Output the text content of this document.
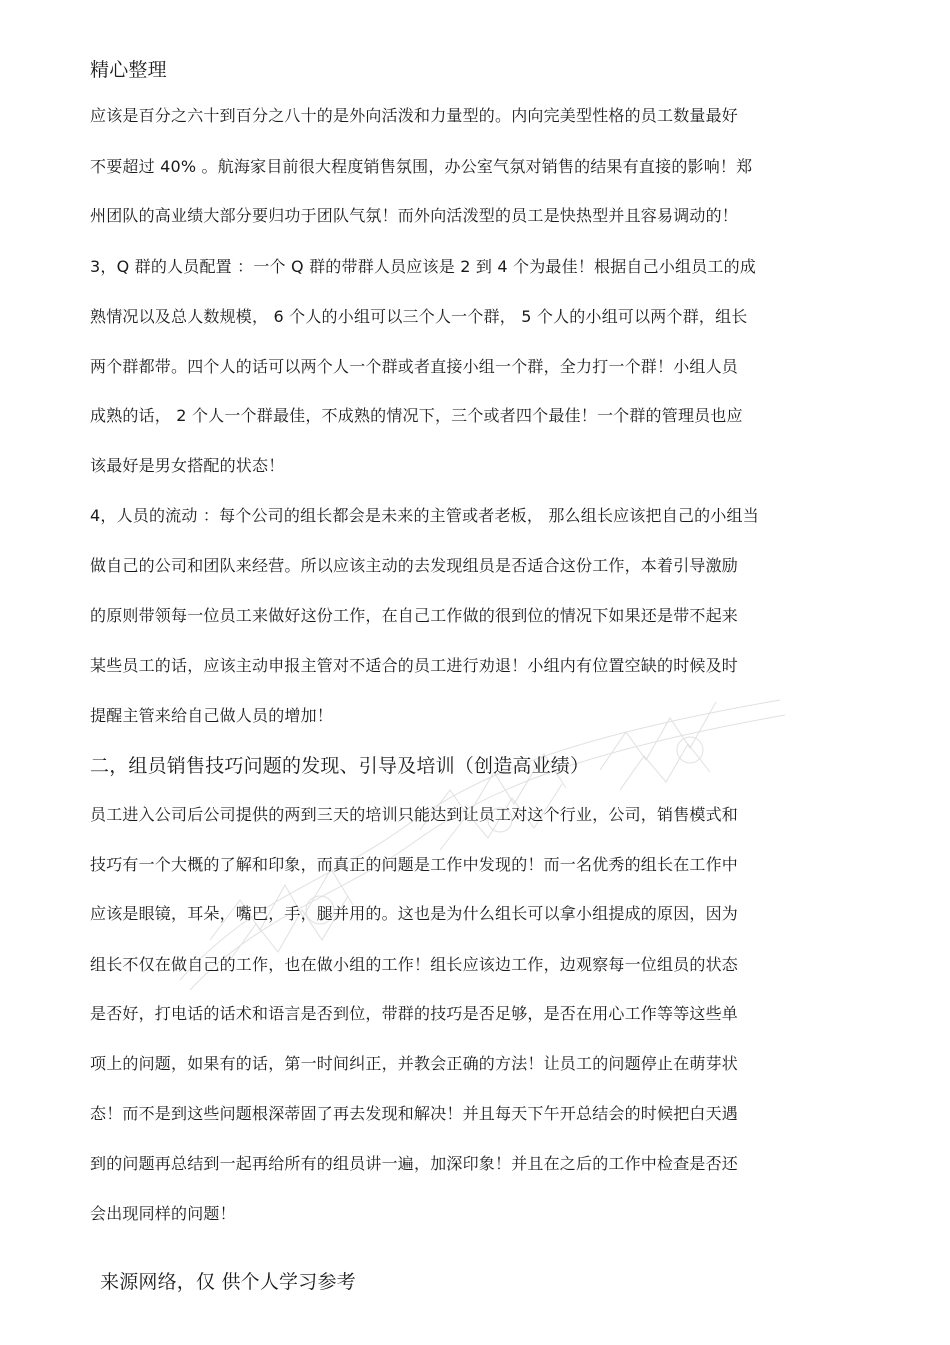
精心整理
应该是百分之六十到百分之八十的是外向活泼和力量型的。内向完美型性格的员工数量最好
不要超过 40% 。航海家目前很大程度销售氛围，办公室气氛对销售的结果有直接的影响！郑
州团队的高业绩大部分要归功于团队气氛！而外向活泼型的员工是快热型并且容易调动的！
3，Q 群的人员配置 ：一个 Q 群的带群人员应该是 2 到 4 个为最佳！根据自己小组员工的成
熟情况以及总人数规模， 6 个人的小组可以三个人一个群， 5 个人的小组可以两个群，组长
两个群都带。四个人的话可以两个人一个群或者直接小组一个群，全力打一个群！小组人员
成熟的话， 2 个人一个群最佳，不成熟的情况下，三个或者四个最佳！一个群的管理员也应
该最好是男女搭配的状态！
4，人员的流动 ：每个公司的组长都会是未来的主管或者老板， 那么组长应该把自己的小组当
做自己的公司和团队来经营。所以应该主动的去发现组员是否适合这份工作，本着引导激励
的原则带领每一位员工来做好这份工作，在自己工作做的很到位的情况下如果还是带不起来
某些员工的话，应该主动申报主管对不适合的员工进行劝退！小组内有位置空缺的时候及时
提醒主管来给自己做人员的增加！
二，组员销售技巧问题的发现、引导及培训（创造高业绩）
员工进入公司后公司提供的两到三天的培训只能达到让员工对这个行业，公司，销售模式和
技巧有一个大概的了解和印象，而真正的问题是工作中发现的！而一名优秀的组长在工作中
应该是眼镜，耳朵，嘴巴，手，腿并用的。这也是为什么组长可以拿小组提成的原因，因为
组长不仅在做自己的工作，也在做小组的工作！组长应该边工作，边观察每一位组员的状态
是否好，打电话的话术和语言是否到位，带群的技巧是否足够，是否在用心工作等等这些单
项上的问题，如果有的话，第一时间纠正，并教会正确的方法！让员工的问题停止在萌芽状
态！而不是到这些问题根深蒂固了再去发现和解决！并且每天下午开总结会的时候把白天遇
到的问题再总结到一起再给所有的组员讲一遍，加深印象！并且在之后的工作中检查是否还
会出现同样的问题！
来源网络，仅 供个人学习参考
